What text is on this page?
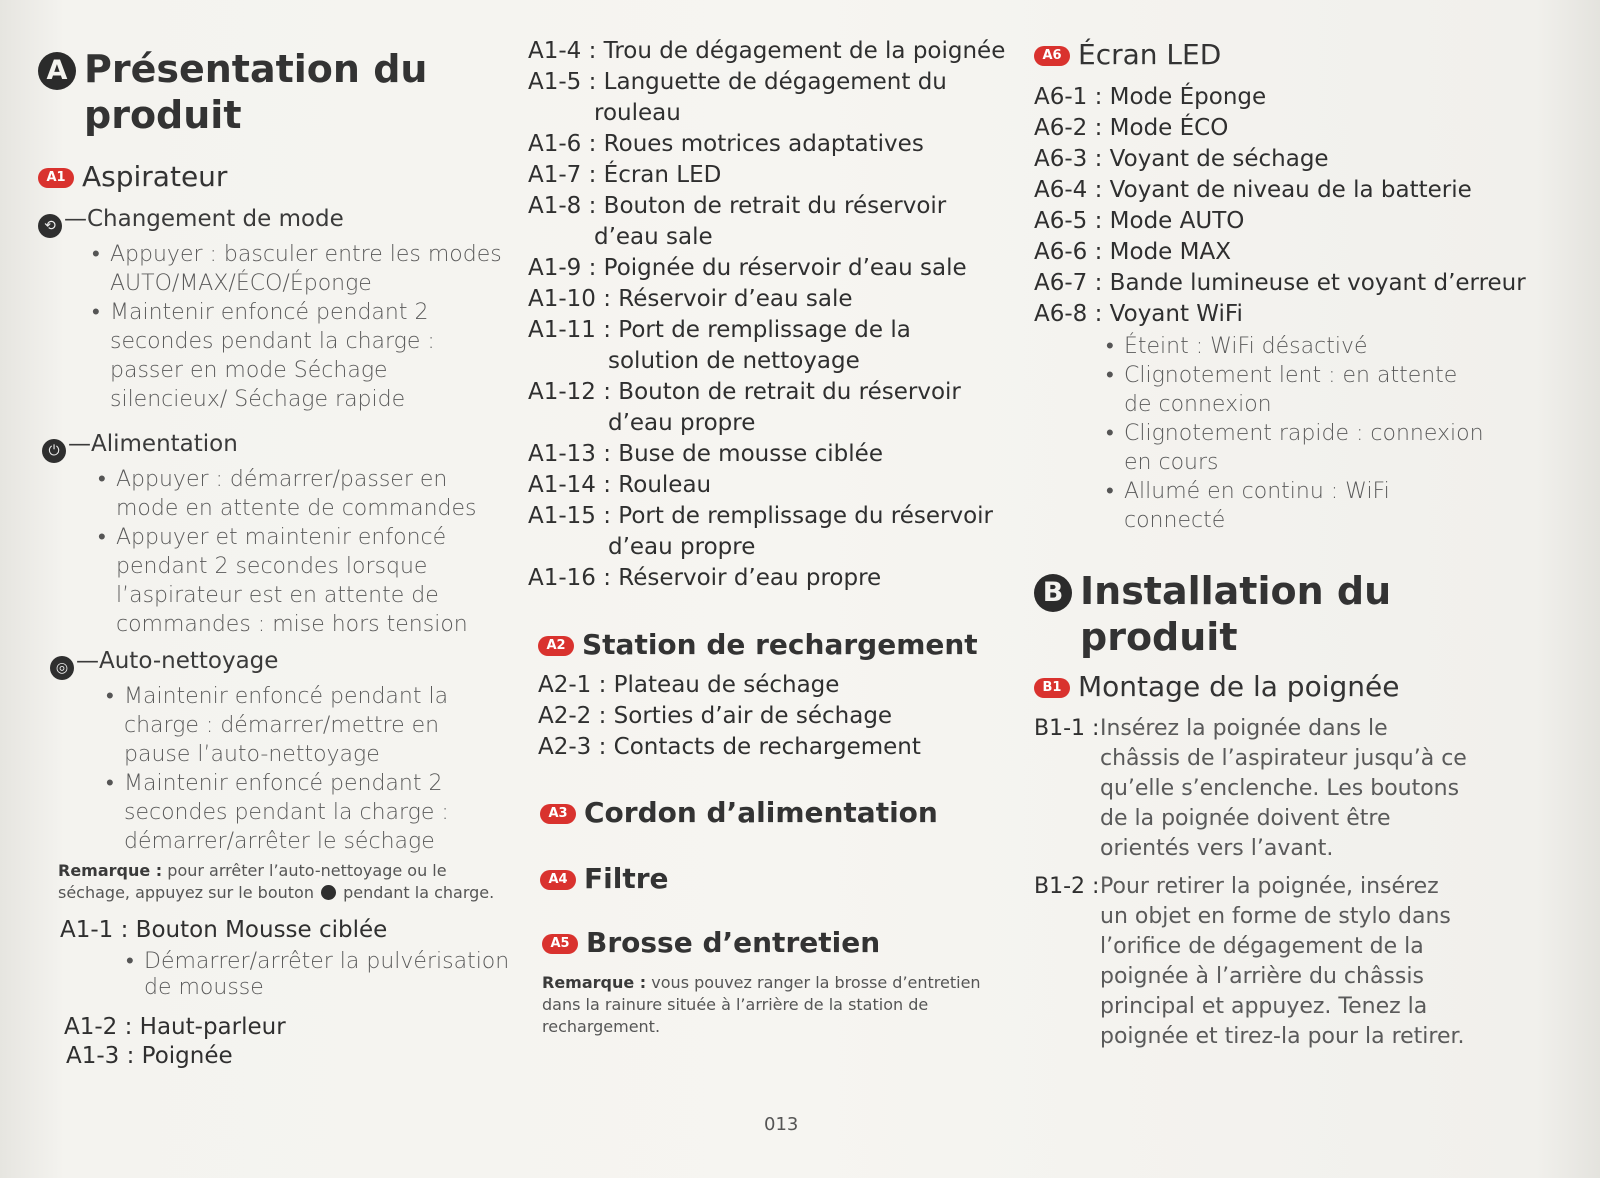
A Présentation du
produit
A1 Aspirateur
⟲ —Changement de mode
• Appuyer : basculer entre les modes AUTO/MAX/ÉCO/Éponge
• Maintenir enfoncé pendant 2 secondes pendant la charge : passer en mode Séchage silencieux/ Séchage rapide
⏻ —Alimentation
• Appuyer : démarrer/passer en mode en attente de commandes
• Appuyer et maintenir enfoncé pendant 2 secondes lorsque l’aspirateur est en attente de commandes : mise hors tension
◎ —Auto-nettoyage
• Maintenir enfoncé pendant la charge : démarrer/mettre en pause l’auto-nettoyage
• Maintenir enfoncé pendant 2 secondes pendant la charge : démarrer/arrêter le séchage
Remarque : pour arrêter l’auto-nettoyage ou le séchage, appuyez sur le bouton pendant la charge.
A1-1 : Bouton Mousse ciblée
• Démarrer/arrêter la pulvérisation de mousse
A1-2 : Haut-parleur
A1-3 : Poignée
A1-4 : Trou de dégagement de la poignée
A1-5 : Languette de dégagement du rouleau
A1-6 : Roues motrices adaptatives
A1-7 : Écran LED
A1-8 : Bouton de retrait du réservoir d’eau sale
A1-9 : Poignée du réservoir d’eau sale
A1-10 : Réservoir d’eau sale
A1-11 : Port de remplissage de la solution de nettoyage
A1-12 : Bouton de retrait du réservoir d’eau propre
A1-13 : Buse de mousse ciblée
A1-14 : Rouleau
A1-15 : Port de remplissage du réservoir d’eau propre
A1-16 : Réservoir d’eau propre
A2 Station de rechargement
A2-1 : Plateau de séchage
A2-2 : Sorties d’air de séchage
A2-3 : Contacts de rechargement
A3 Cordon d’alimentation
A4 Filtre
A5 Brosse d’entretien
Remarque : vous pouvez ranger la brosse d’entretien dans la rainure située à l’arrière de la station de rechargement.
A6 Écran LED
A6-1 : Mode Éponge
A6-2 : Mode ÉCO
A6-3 : Voyant de séchage
A6-4 : Voyant de niveau de la batterie
A6-5 : Mode AUTO
A6-6 : Mode MAX
A6-7 : Bande lumineuse et voyant d’erreur
A6-8 : Voyant WiFi
• Éteint : WiFi désactivé
• Clignotement lent : en attente de connexion
• Clignotement rapide : connexion en cours
• Allumé en continu : WiFi connecté
B Installation du
produit
B1 Montage de la poignée
B1-1 : Insérez la poignée dans le châssis de l’aspirateur jusqu’à ce qu’elle s’enclenche. Les boutons de la poignée doivent être orientés vers l’avant.
B1-2 : Pour retirer la poignée, insérez un objet en forme de stylo dans l’orifice de dégagement de la poignée à l’arrière du châssis principal et appuyez. Tenez la poignée et tirez-la pour la retirer.
013
